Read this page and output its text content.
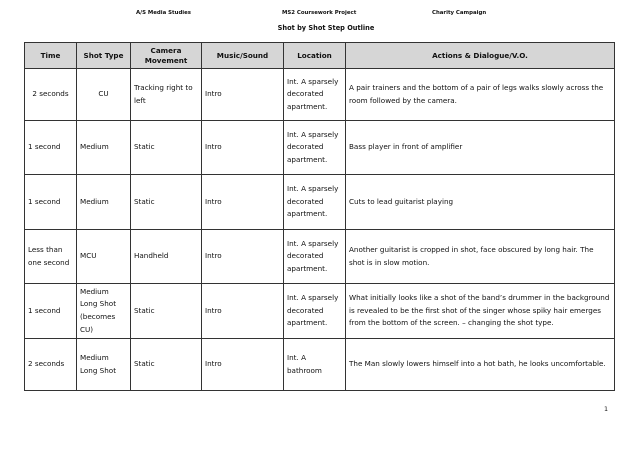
A/S Media Studies	MS2 Coursework Project	Charity Campaign
Shot by Shot Step Outline
Time	Shot Type	Camera Movement	Music/Sound	Location	Actions & Dialogue/V.O.
2 seconds	CU	Tracking right to left	Intro	Int. A sparsely decorated apartment.	A pair trainers and the bottom of a pair of legs walks slowly across the room followed by the camera.
1 second	Medium	Static	Intro	Int. A sparsely decorated apartment.	Bass player in front of amplifier
1 second	Medium	Static	Intro	Int. A sparsely decorated apartment.	Cuts to lead guitarist playing
Less than one second	MCU	Handheld	Intro	Int. A sparsely decorated apartment.	Another guitarist is cropped in shot, face obscured by long hair. The shot is in slow motion.
1 second	Medium Long Shot (becomes CU)	Static	Intro	Int. A sparsely decorated apartment.	What initially looks like a shot of the band’s drummer in the background is revealed to be the first shot of the singer whose spiky hair emerges from the bottom of the screen. – changing the shot type.
2 seconds	Medium Long Shot	Static	Intro	Int. A bathroom	The Man slowly lowers himself into a hot bath, he looks uncomfortable.
1
